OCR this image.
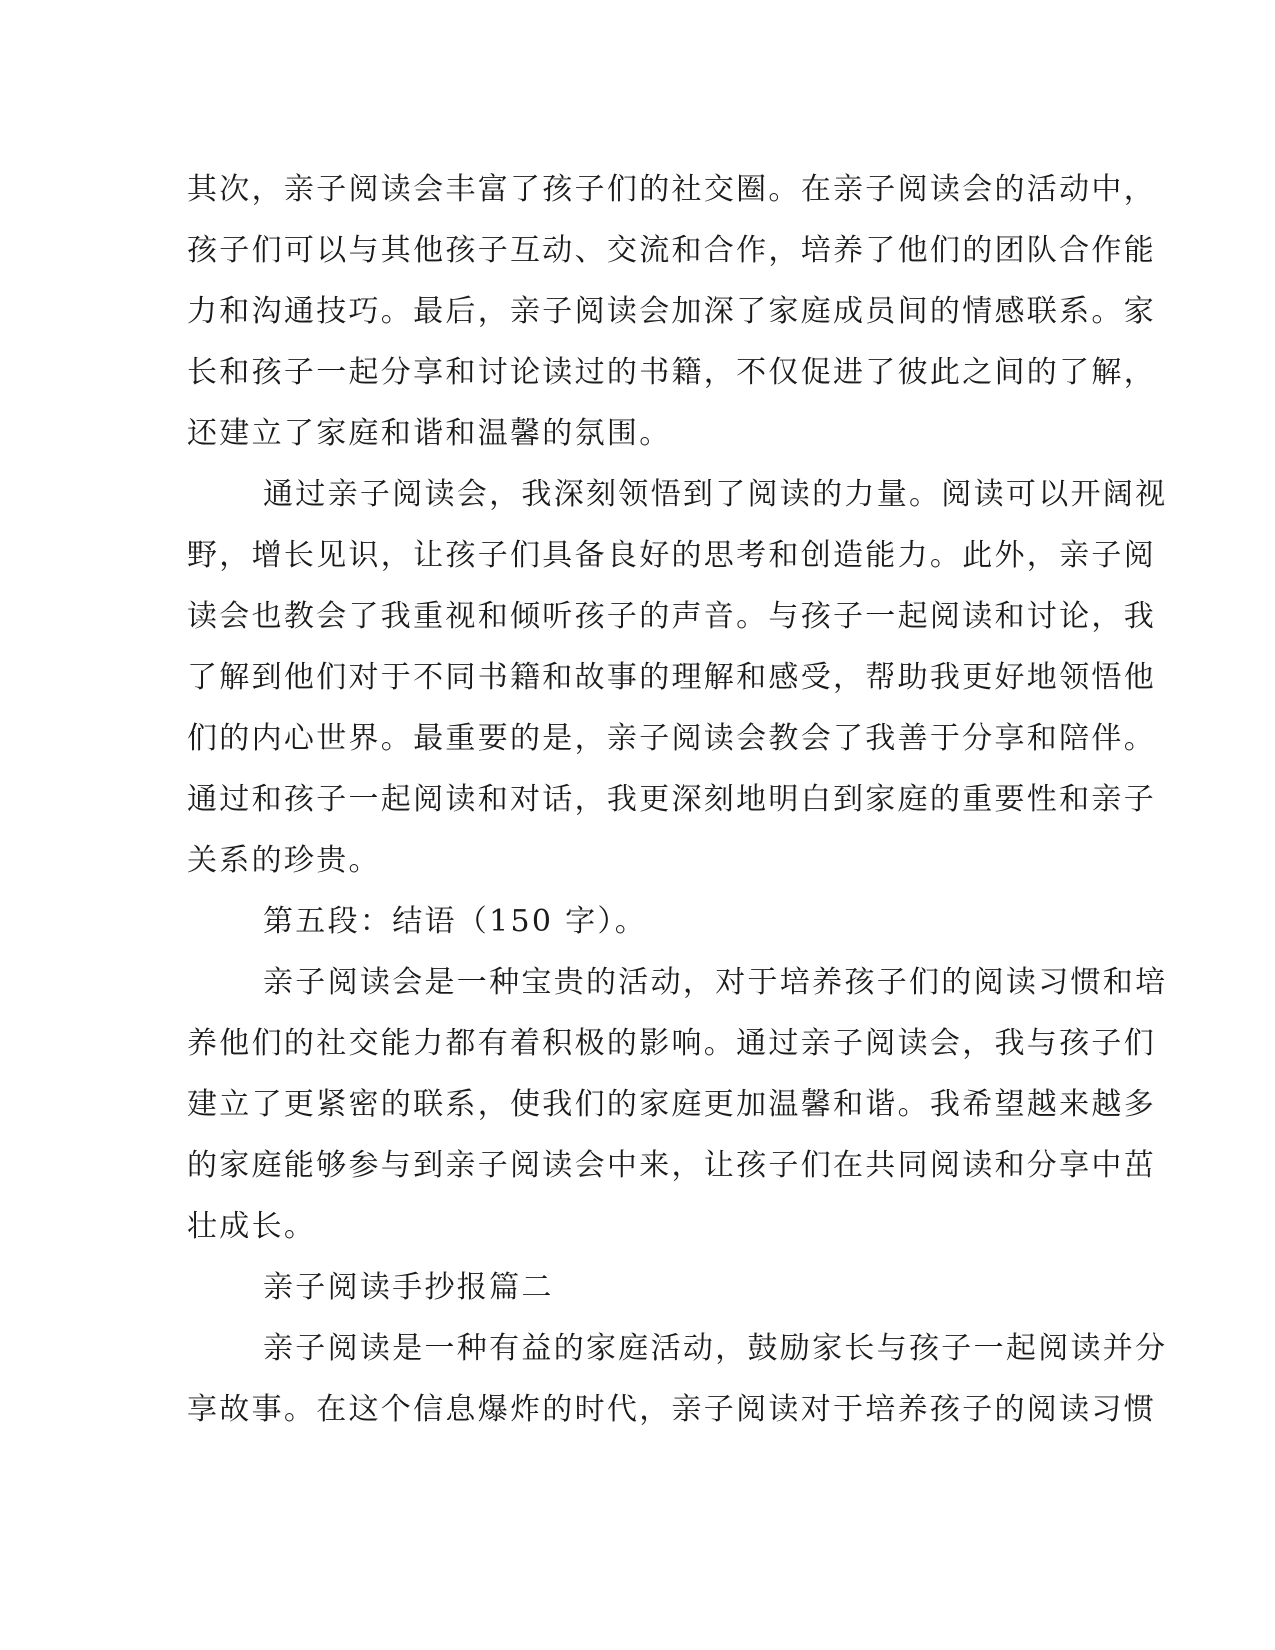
其次，亲子阅读会丰富了孩子们的社交圈。在亲子阅读会的活动中，
孩子们可以与其他孩子互动、交流和合作，培养了他们的团队合作能
力和沟通技巧。最后，亲子阅读会加深了家庭成员间的情感联系。家
长和孩子一起分享和讨论读过的书籍，不仅促进了彼此之间的了解，
还建立了家庭和谐和温馨的氛围。

通过亲子阅读会，我深刻领悟到了阅读的力量。阅读可以开阔视
野，增长见识，让孩子们具备良好的思考和创造能力。此外，亲子阅
读会也教会了我重视和倾听孩子的声音。与孩子一起阅读和讨论，我
了解到他们对于不同书籍和故事的理解和感受，帮助我更好地领悟他
们的内心世界。最重要的是，亲子阅读会教会了我善于分享和陪伴。
通过和孩子一起阅读和对话，我更深刻地明白到家庭的重要性和亲子
关系的珍贵。

第五段：结语（150 字）。

亲子阅读会是一种宝贵的活动，对于培养孩子们的阅读习惯和培
养他们的社交能力都有着积极的影响。通过亲子阅读会，我与孩子们
建立了更紧密的联系，使我们的家庭更加温馨和谐。我希望越来越多
的家庭能够参与到亲子阅读会中来，让孩子们在共同阅读和分享中茁
壮成长。

亲子阅读手抄报篇二

亲子阅读是一种有益的家庭活动，鼓励家长与孩子一起阅读并分
享故事。在这个信息爆炸的时代，亲子阅读对于培养孩子的阅读习惯
